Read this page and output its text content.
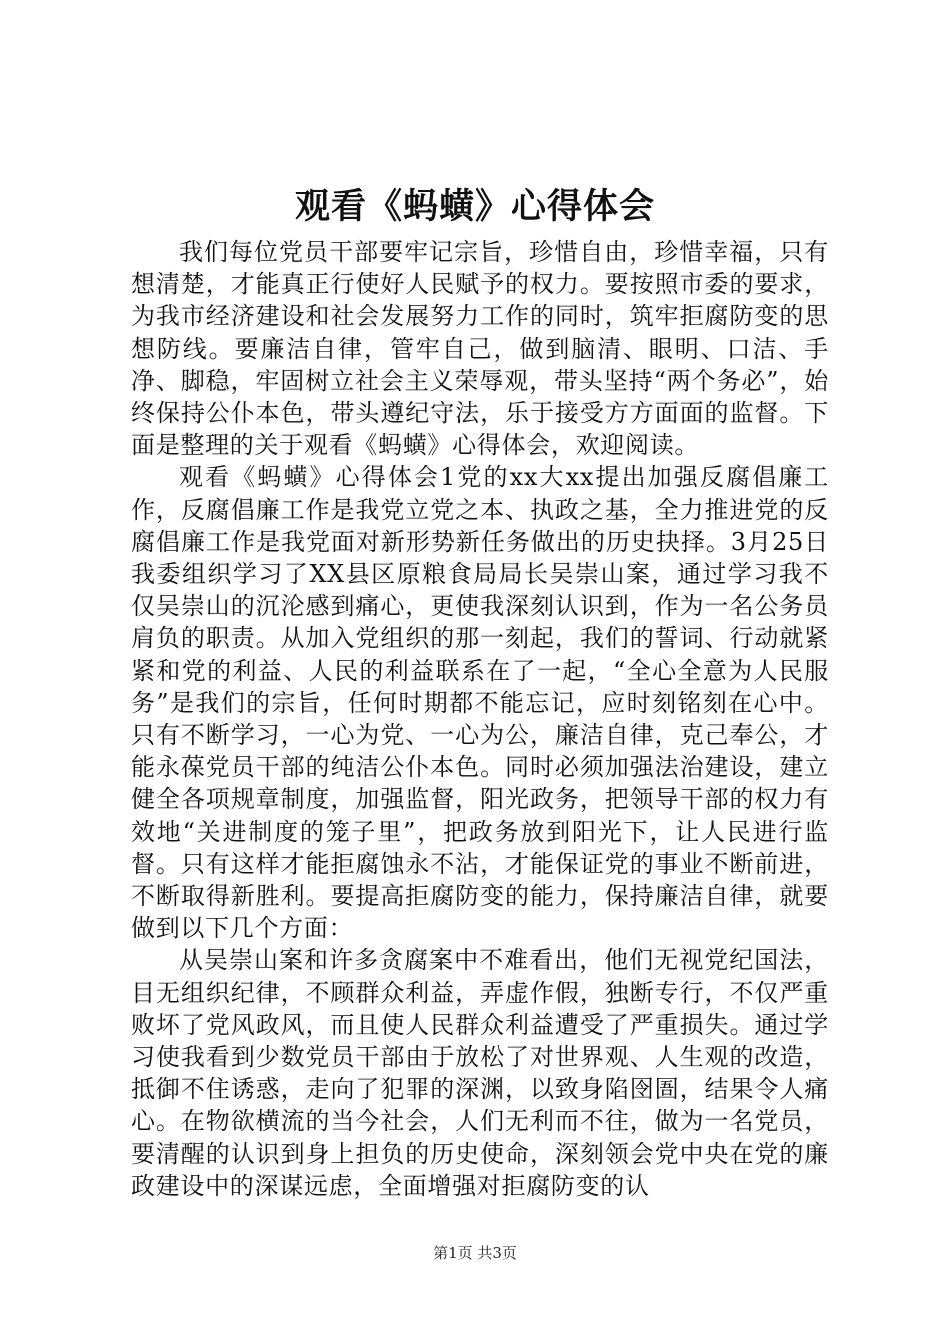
观看《蚂蟥》心得体会

我们每位党员干部要牢记宗旨，珍惜自由，珍惜幸福，只有想清楚，才能真正行使好人民赋予的权力。要按照市委的要求，为我市经济建设和社会发展努力工作的同时，筑牢拒腐防变的思想防线。要廉洁自律，管牢自己，做到脑清、眼明、口洁、手净、脚稳，牢固树立社会主义荣辱观，带头坚持“两个务必”，始终保持公仆本色，带头遵纪守法，乐于接受方方面面的监督。下面是整理的关于观看《蚂蟥》心得体会，欢迎阅读。

观看《蚂蟥》心得体会1党的xx大xx提出加强反腐倡廉工作，反腐倡廉工作是我党立党之本、执政之基，全力推进党的反腐倡廉工作是我党面对新形势新任务做出的历史抉择。3月25日我委组织学习了XX县区原粮食局局长吴崇山案，通过学习我不仅吴崇山的沉沦感到痛心，更使我深刻认识到，作为一名公务员肩负的职责。从加入党组织的那一刻起，我们的誓词、行动就紧紧和党的利益、人民的利益联系在了一起，“全心全意为人民服务”是我们的宗旨，任何时期都不能忘记，应时刻铭刻在心中。只有不断学习，一心为党、一心为公，廉洁自律，克己奉公，才能永葆党员干部的纯洁公仆本色。同时必须加强法治建设，建立健全各项规章制度，加强监督，阳光政务，把领导干部的权力有效地“关进制度的笼子里”，把政务放到阳光下，让人民进行监督。只有这样才能拒腐蚀永不沾，才能保证党的事业不断前进，不断取得新胜利。要提高拒腐防变的能力，保持廉洁自律，就要做到以下几个方面：

从吴崇山案和许多贪腐案中不难看出，他们无视党纪国法，目无组织纪律，不顾群众利益，弄虚作假，独断专行，不仅严重败坏了党风政风，而且使人民群众利益遭受了严重损失。通过学习使我看到少数党员干部由于放松了对世界观、人生观的改造，抵御不住诱惑，走向了犯罪的深渊，以致身陷囹圄，结果令人痛心。在物欲横流的当今社会，人们无利而不往，做为一名党员，要清醒的认识到身上担负的历史使命，深刻领会党中央在党的廉政建设中的深谋远虑，全面增强对拒腐防变的认

第1页 共3页
